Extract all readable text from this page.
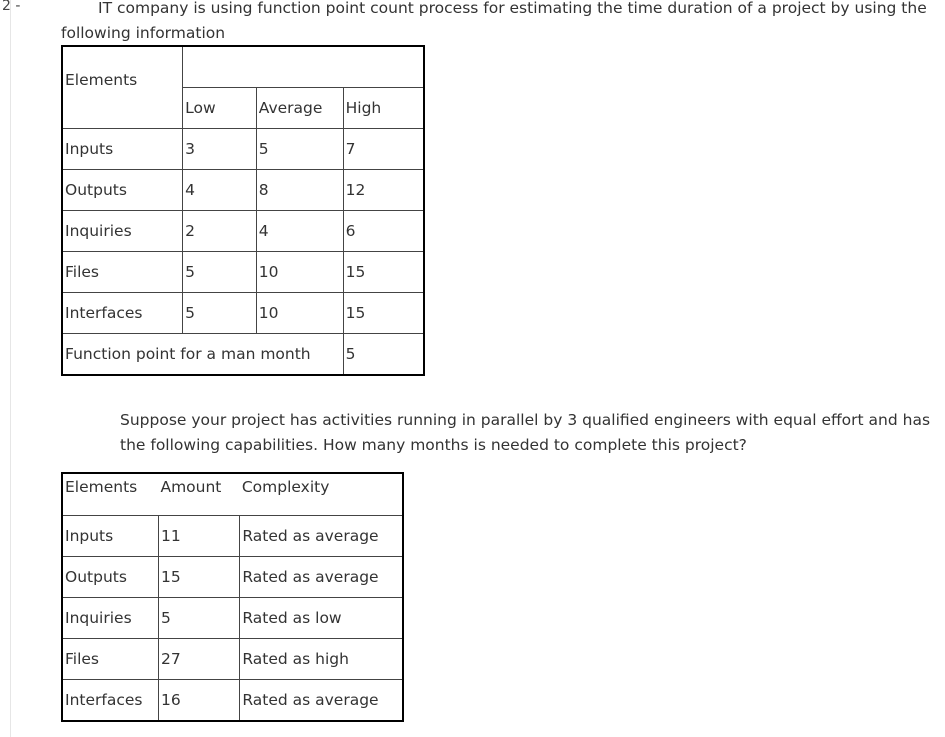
2 -	IT company is using function point count process for estimating the time duration of a project by using the following information
Elements			
	Low	Average	High
Inputs	3	5	7
Outputs	4	8	12
Inquiries	2	4	6
Files	5	10	15
Interfaces	5	10	15
Function point for a man month			5
Suppose your project has activities running in parallel by 3 qualified engineers with equal effort and has the following capabilities. How many months is needed to complete this project?
Elements	Amount	Complexity
Inputs	11	Rated as average
Outputs	15	Rated as average
Inquiries	5	Rated as low
Files	27	Rated as high
Interfaces	16	Rated as average
